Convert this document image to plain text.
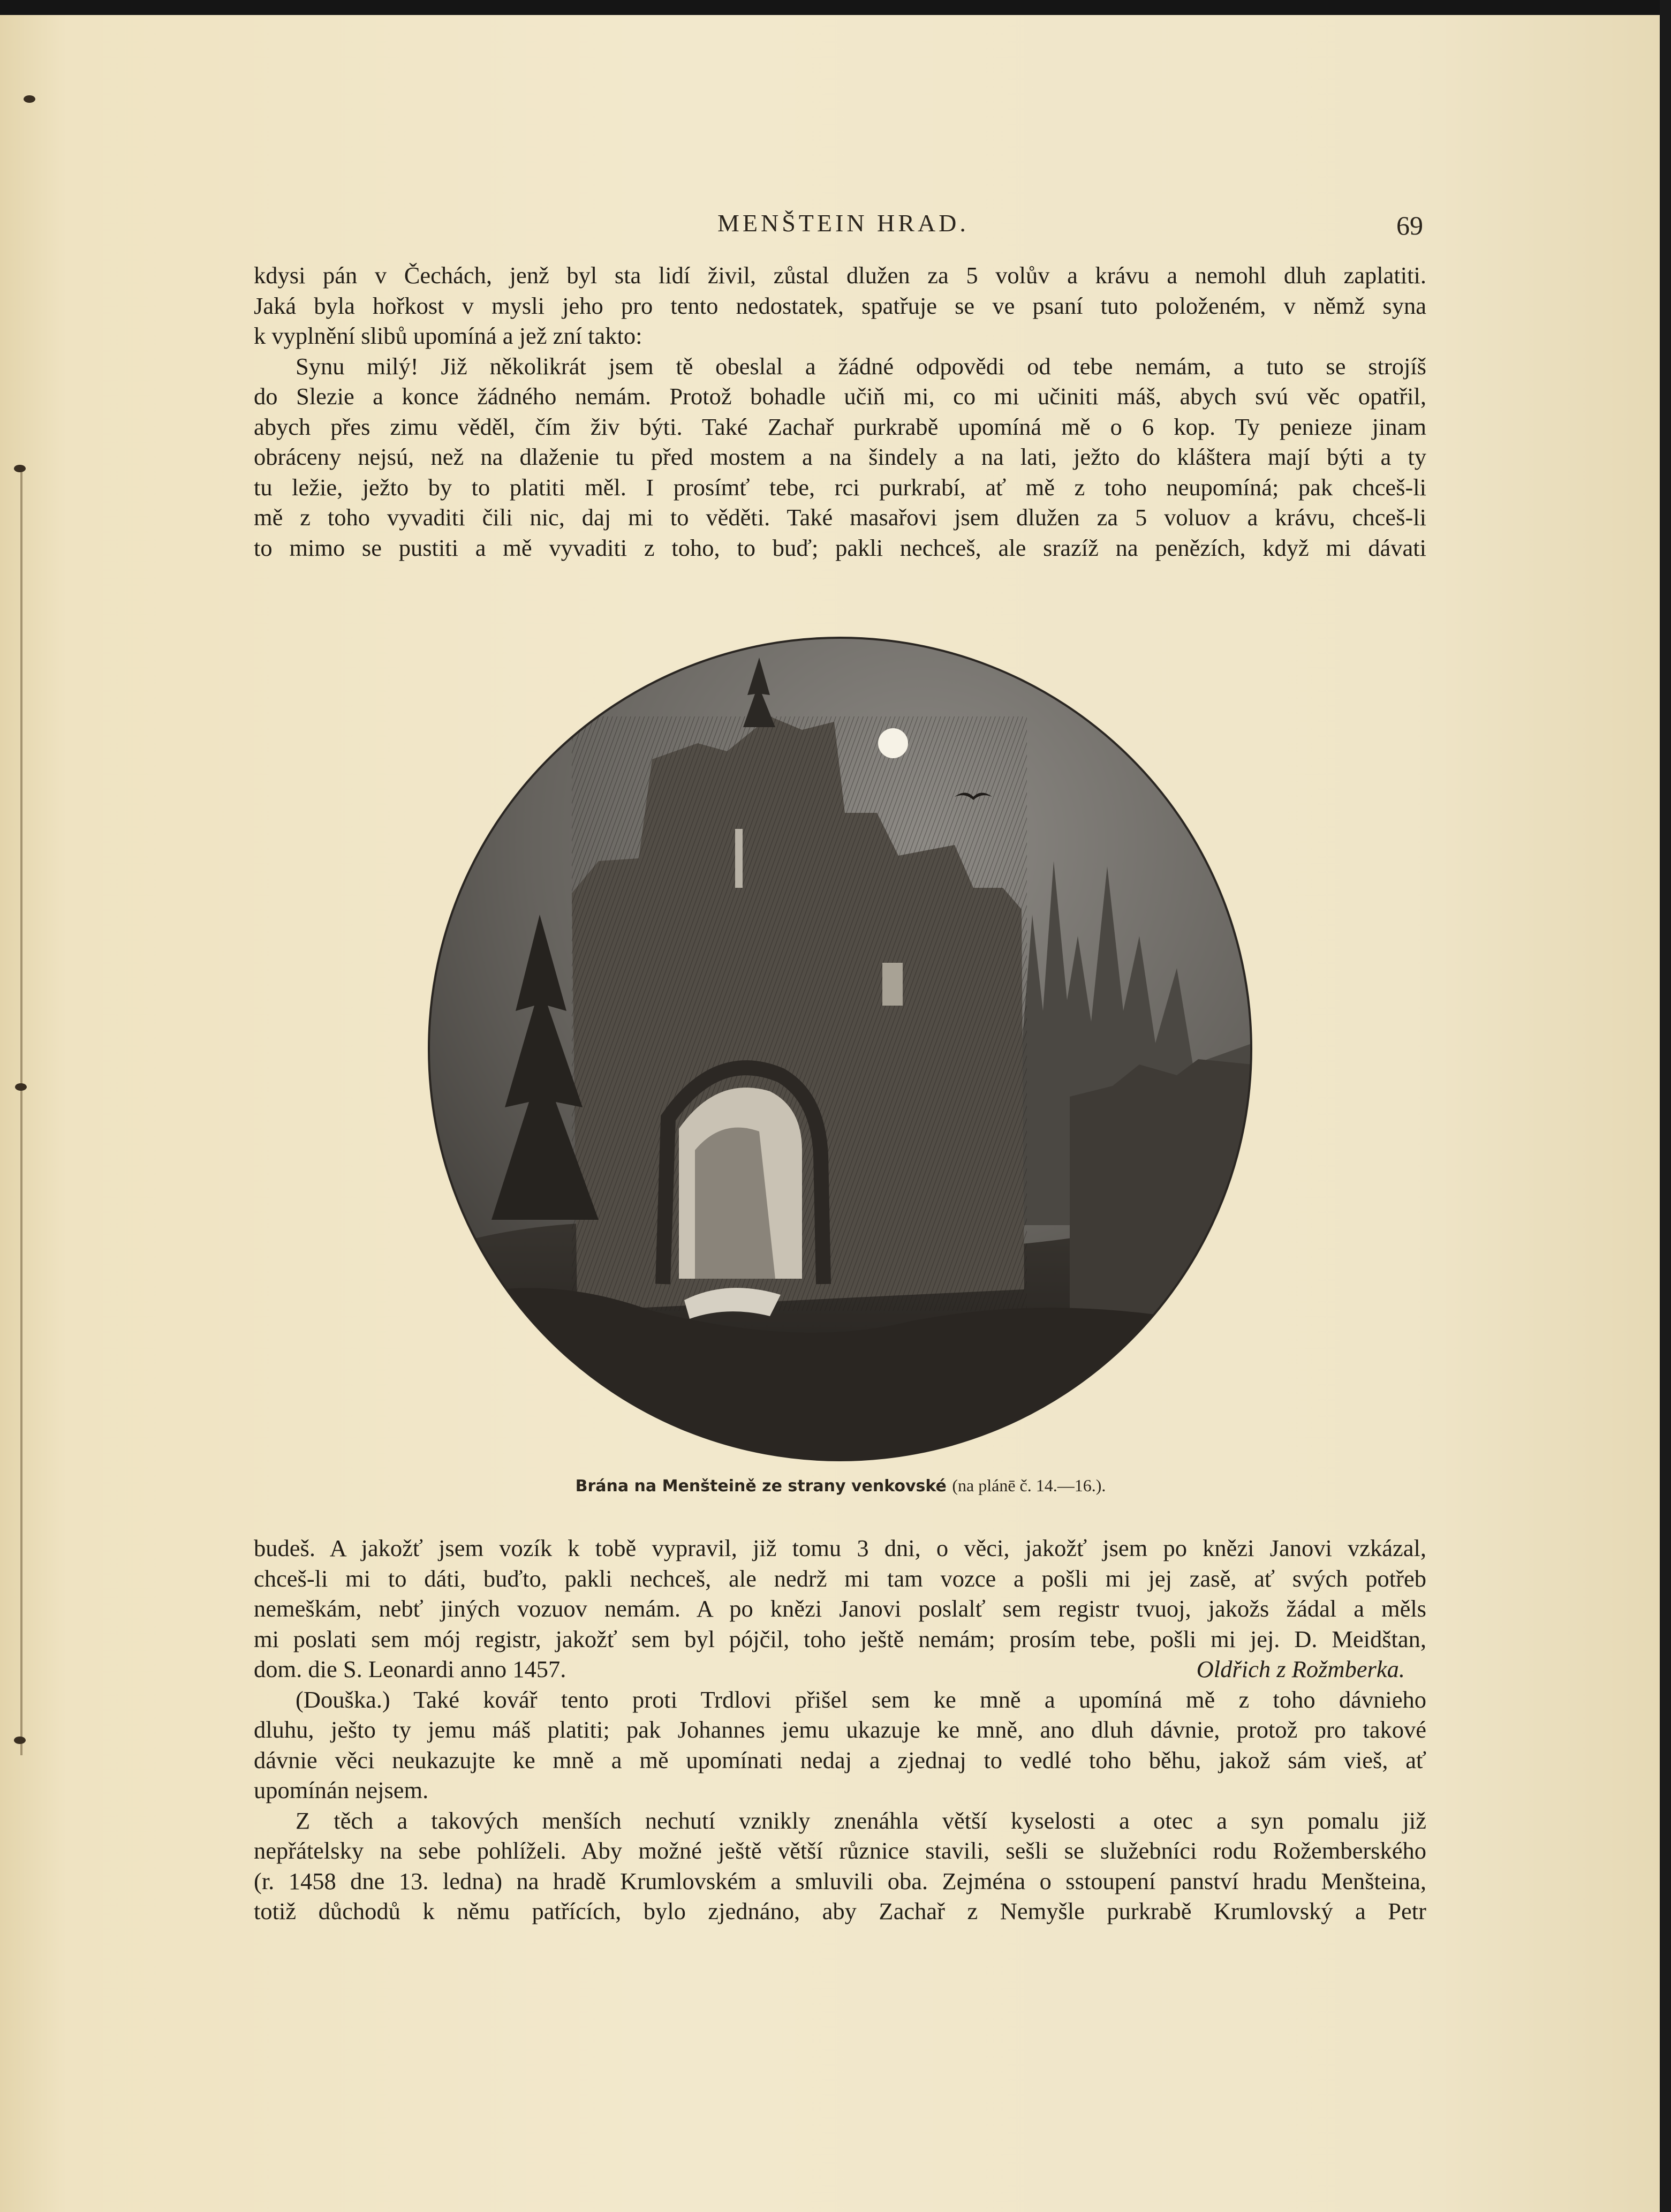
MENŠTEIN HRAD.	69
kdysi pán v Čechách, jenž byl sta lidí živil, zůstal dlužen za 5 volův a krávu a nemohl dluh zaplatiti.
Jaká byla hořkost v mysli jeho pro tento nedostatek, spatřuje se ve psaní tuto položeném, v němž syna
k vyplnění slibů upomíná a jež zní takto:
Synu milý! Již několikrát jsem tě obeslal a žádné odpovědi od tebe nemám, a tuto se strojíš
do Slezie a konce žádného nemám. Protož bohadle učiň mi, co mi učiniti máš, abych svú věc opatřil,
abych přes zimu věděl, čím živ býti. Také Zachař purkrabě upomíná mě o 6 kop. Ty penieze jinam
obráceny nejsú, než na dlaženie tu před mostem a na šindely a na lati, ježto do kláštera mají býti a ty
tu ležie, ježto by to platiti měl. I prosímť tebe, rci purkrabí, ať mě z toho neupomíná; pak chceš-li
mě z toho vyvaditi čili nic, daj mi to věděti. Také masařovi jsem dlužen za 5 voluov a krávu, chceš-li
to mimo se pustiti a mě vyvaditi z toho, to buď; pakli nechceš, ale srazíž na penězích, když mi dávati
Brána na Menšteině ze strany venkovské (na plánē č. 14.—16.).
budeš. A jakožť jsem vozík k tobě vypravil, již tomu 3 dni, o věci, jakožť jsem po knězi Janovi vzkázal,
chceš-li mi to dáti, buďto, pakli nechceš, ale nedrž mi tam vozce a pošli mi jej zasě, ať svých potřeb
nemeškám, nebť jiných vozuov nemám. A po knězi Janovi poslalť sem registr tvuoj, jakožs žádal a měls
mi poslati sem mój registr, jakožť sem byl pójčil, toho ještě nemám; prosím tebe, pošli mi jej. D. Meidštan,
dom. die S. Leonardi anno 1457.	Oldřich z Rožmberka.
(Douška.) Také kovář tento proti Trdlovi přišel sem ke mně a upomíná mě z toho dávnieho
dluhu, ješto ty jemu máš platiti; pak Johannes jemu ukazuje ke mně, ano dluh dávnie, protož pro takové
dávnie věci neukazujte ke mně a mě upomínati nedaj a zjednaj to vedlé toho běhu, jakož sám vieš, ať
upomínán nejsem.
Z těch a takových menších nechutí vznikly znenáhla větší kyselosti a otec a syn pomalu již
nepřátelsky na sebe pohlíželi. Aby možné ještě větší různice stavili, sešli se služebníci rodu Rožemberského
(r. 1458 dne 13. ledna) na hradě Krumlovském a smluvili oba. Zejména o sstoupení panství hradu Menšteina,
totiž důchodů k němu patřících, bylo zjednáno, aby Zachař z Nemyšle purkrabě Krumlovský a Petr
